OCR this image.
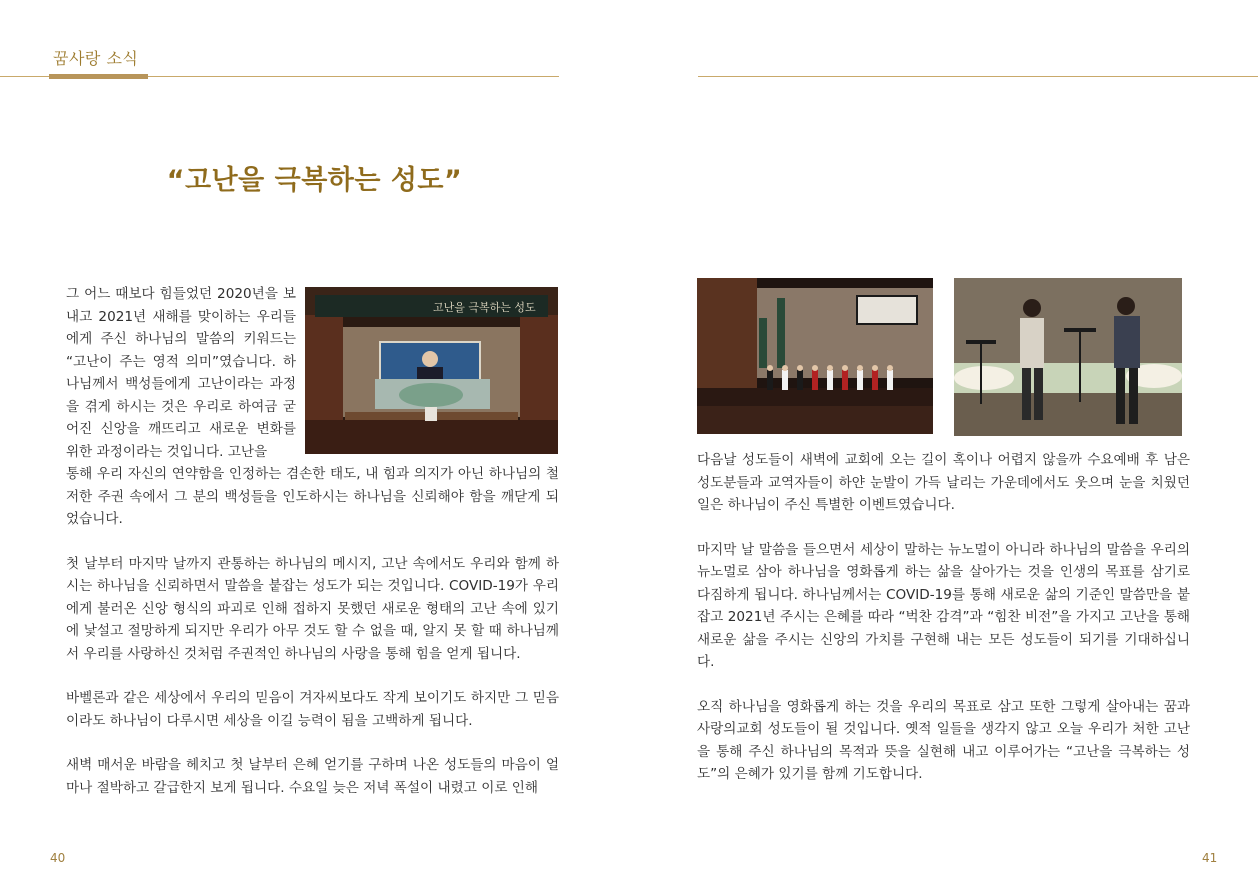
꿈사랑 소식
“고난을 극복하는 성도”
그 어느 때보다 힘들었던 2020년을 보내고 2021년 새해를 맞이하는 우리들에게 주신 하나님의 말씀의 키워드는 “고난이 주는 영적 의미”였습니다. 하나님께서 백성들에게 고난이라는 과정을 겪게 하시는 것은 우리로 하여금 굳어진 신앙을 깨뜨리고 새로운 변화를 위한 과정이라는 것입니다. 고난을
고난을 극복하는 성도

통해 우리 자신의 연약함을 인정하는 겸손한 태도, 내 힘과 의지가 아닌 하나님의 철저한 주권 속에서 그 분의 백성들을 인도하시는 하나님을 신뢰해야 함을 깨닫게 되었습니다.

첫 날부터 마지막 날까지 관통하는 하나님의 메시지, 고난 속에서도 우리와 함께 하시는 하나님을 신뢰하면서 말씀을 붙잡는 성도가 되는 것입니다. COVID-19가 우리에게 불러온 신앙 형식의 파괴로 인해 접하지 못했던 새로운 형태의 고난 속에 있기에 낯설고 절망하게 되지만 우리가 아무 것도 할 수 없을 때, 알지 못 할 때 하나님께서 우리를 사랑하신 것처럼 주권적인 하나님의 사랑을 통해 힘을 얻게 됩니다.

바벨론과 같은 세상에서 우리의 믿음이 겨자씨보다도 작게 보이기도 하지만 그 믿음이라도 하나님이 다루시면 세상을 이길 능력이 됨을 고백하게 됩니다.

새벽 매서운 바람을 헤치고 첫 날부터 은혜 얻기를 구하며 나온 성도들의 마음이 얼마나 절박하고 갈급한지 보게 됩니다. 수요일 늦은 저녁 폭설이 내렸고 이로 인해

40

다음날 성도들이 새벽에 교회에 오는 길이 혹이나 어렵지 않을까 수요예배 후 남은 성도분들과 교역자들이 하얀 눈발이 가득 날리는 가운데에서도 웃으며 눈을 치웠던 일은 하나님이 주신 특별한 이벤트였습니다.

마지막 날 말씀을 들으면서 세상이 말하는 뉴노멀이 아니라 하나님의 말씀을 우리의 뉴노멀로 삼아 하나님을 영화롭게 하는 삶을 살아가는 것을 인생의 목표를 삼기로 다짐하게 됩니다. 하나님께서는 COVID-19를 통해 새로운 삶의 기준인 말씀만을 붙잡고 2021년 주시는 은혜를 따라 “벅찬 감격”과 “힘찬 비전”을 가지고 고난을 통해 새로운 삶을 주시는 신앙의 가치를 구현해 내는 모든 성도들이 되기를 기대하십니다.

오직 하나님을 영화롭게 하는 것을 우리의 목표로 삼고 또한 그렇게 살아내는 꿈과 사랑의교회 성도들이 될 것입니다. 옛적 일들을 생각지 않고 오늘 우리가 처한 고난을 통해 주신 하나님의 목적과 뜻을 실현해 내고 이루어가는 “고난을 극복하는 성도”의 은혜가 있기를 함께 기도합니다.

41
